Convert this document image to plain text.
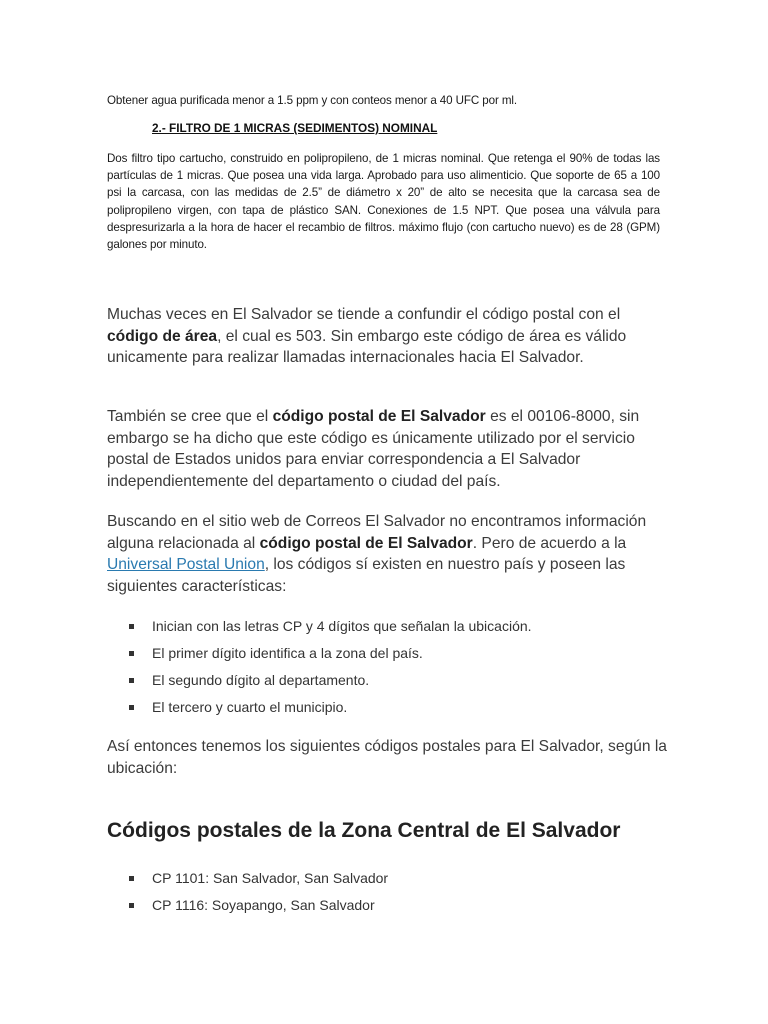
Obtener agua purificada menor a 1.5 ppm y con conteos menor a 40 UFC por ml.
2.- FILTRO DE 1 MICRAS (SEDIMENTOS) NOMINAL
Dos filtro tipo cartucho, construido en polipropileno, de 1 micras nominal. Que retenga el 90% de todas las partículas de 1 micras. Que posea una vida larga. Aprobado para uso alimenticio. Que soporte de 65 a 100 psi la carcasa, con las medidas de 2.5” de diámetro x 20” de alto se necesita que la carcasa sea de polipropileno virgen, con tapa de plástico SAN. Conexiones de 1.5 NPT. Que posea una válvula para despresurizarla a la hora de hacer el recambio de filtros. máximo flujo (con cartucho nuevo) es de 28 (GPM) galones por minuto.

Muchas veces en El Salvador se tiende a confundir el código postal con el código de área, el cual es 503. Sin embargo este código de área es válido unicamente para realizar llamadas internacionales hacia El Salvador.

También se cree que el código postal de El Salvador es el 00106-8000, sin embargo se ha dicho que este código es únicamente utilizado por el servicio postal de Estados unidos para enviar correspondencia a El Salvador independientemente del departamento o ciudad del país.

Buscando en el sitio web de Correos El Salvador no encontramos información alguna relacionada al código postal de El Salvador. Pero de acuerdo a la Universal Postal Union, los códigos sí existen en nuestro país y poseen las siguientes características:

Inician con las letras CP y 4 dígitos que señalan la ubicación.
El primer dígito identifica a la zona del país.
El segundo dígito al departamento.
El tercero y cuarto el municipio.

Así entonces tenemos los siguientes códigos postales para El Salvador, según la ubicación:

Códigos postales de la Zona Central de El Salvador
CP 1101: San Salvador, San Salvador
CP 1116: Soyapango, San Salvador
